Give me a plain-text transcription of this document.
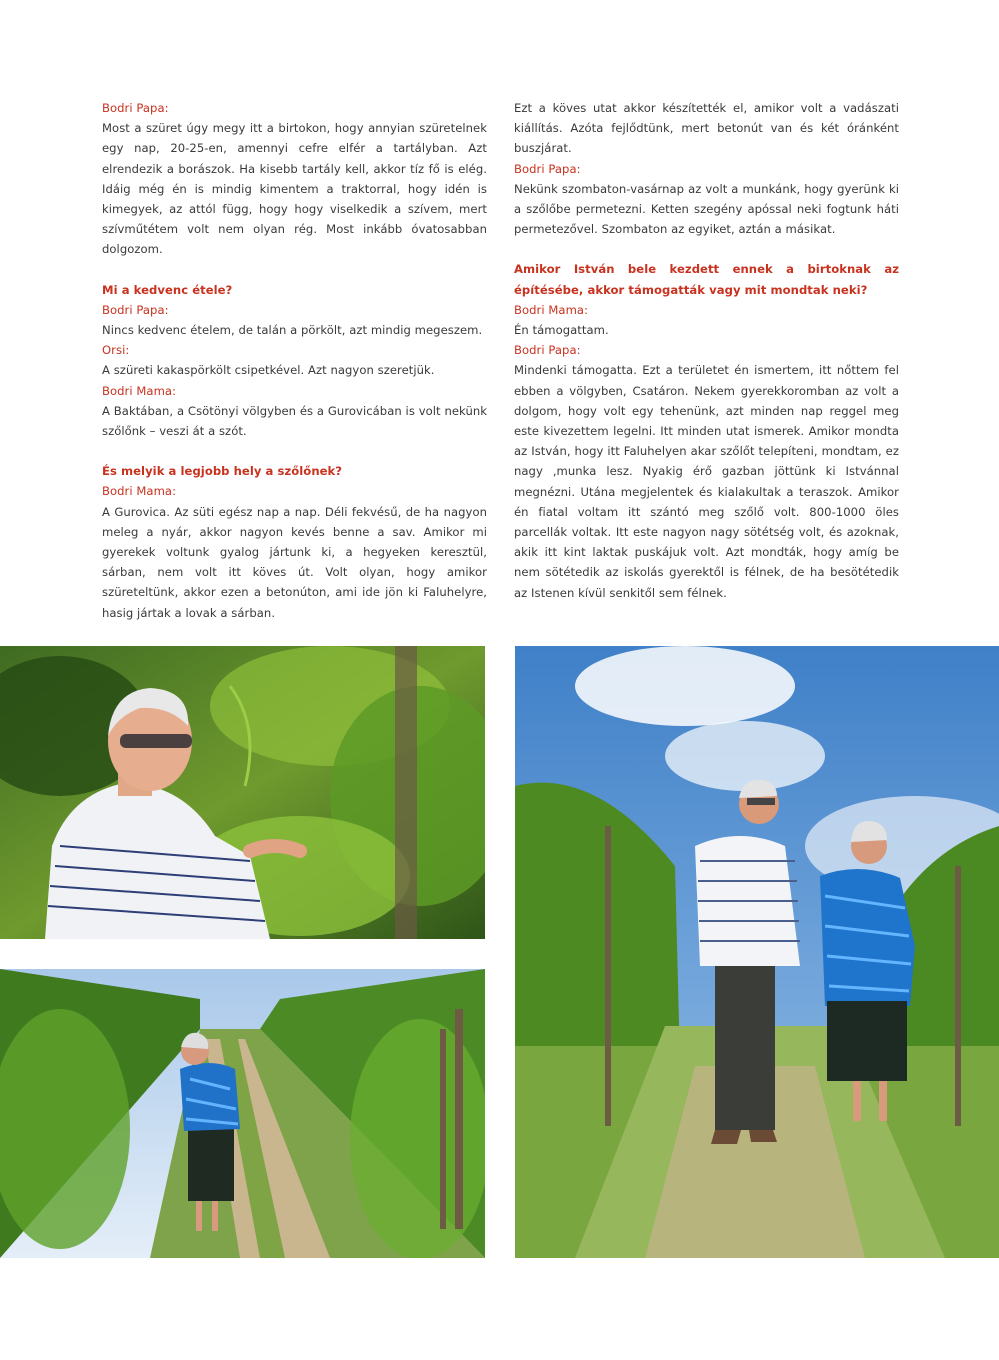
Bodri Papa:

Most a szüret úgy megy itt a birtokon, hogy annyian szüretelnek egy nap, 20-25-en, amennyi cefre elfér a tartályban. Azt elrendezik a borászok. Ha kisebb tartály kell, akkor tíz fő is elég. Idáig még én is mindig kimentem a traktorral, hogy idén is kimegyek, az attól függ, hogy hogy viselkedik a szívem, mert szívműtétem volt nem olyan rég. Most inkább óvatosabban dolgozom.

Mi a kedvenc étele?

Bodri Papa:

Nincs kedvenc ételem, de talán a pörkölt, azt mindig megeszem.

Orsi:

A szüreti kakaspörkölt csipetkével. Azt nagyon szeretjük.

Bodri Mama:

A Baktában, a Csötönyi völgyben és a Gurovicában is volt nekünk szőlőnk – veszi át a szót.

És melyik a legjobb hely a szőlőnek?

Bodri Mama:

A Gurovica. Az süti egész nap a nap. Déli fekvésű, de ha nagyon meleg a nyár, akkor nagyon kevés benne a sav. Amikor mi gyerekek voltunk gyalog jártunk ki, a hegyeken keresztül, sárban, nem volt itt köves út. Volt olyan, hogy amikor szüreteltünk, akkor ezen a betonúton, ami ide jön ki Faluhelyre, hasig jártak a lovak a sárban.

Ezt a köves utat akkor készítették el, amikor volt a vadászati kiállítás. Azóta fejlődtünk, mert betonút van és két óránként buszjárat.

Bodri Papa:

Nekünk szombaton-vasárnap az volt a munkánk, hogy gyerünk ki a szőlőbe permetezni. Ketten szegény apóssal neki fogtunk háti permetezővel. Szombaton az egyiket, aztán a másikat.

Amikor István bele kezdett ennek a birtoknak az építésébe, akkor támogatták vagy mit mondtak neki?

Bodri Mama:

Én támogattam.

Bodri Papa:

Mindenki támogatta. Ezt a területet én ismertem, itt nőttem fel ebben a völgyben, Csatáron. Nekem gyerekkoromban az volt a dolgom, hogy volt egy tehenünk, azt minden nap reggel meg este kivezettem legelni. Itt minden utat ismerek. Amikor mondta az István, hogy itt Faluhelyen akar szőlőt telepíteni, mondtam, ez nagy ‚munka lesz. Nyakig érő gazban jöttünk ki Istvánnal megnézni. Utána megjelentek és kialakultak a teraszok. Amikor én fiatal voltam itt szántó meg szőlő volt. 800-1000 öles parcellák voltak. Itt este nagyon nagy sötétség volt, és azoknak, akik itt kint laktak puskájuk volt. Azt mondták, hogy amíg be nem sötétedik az iskolás gyerektől is félnek, de ha besötétedik az Istenen kívül senkitől sem félnek.
